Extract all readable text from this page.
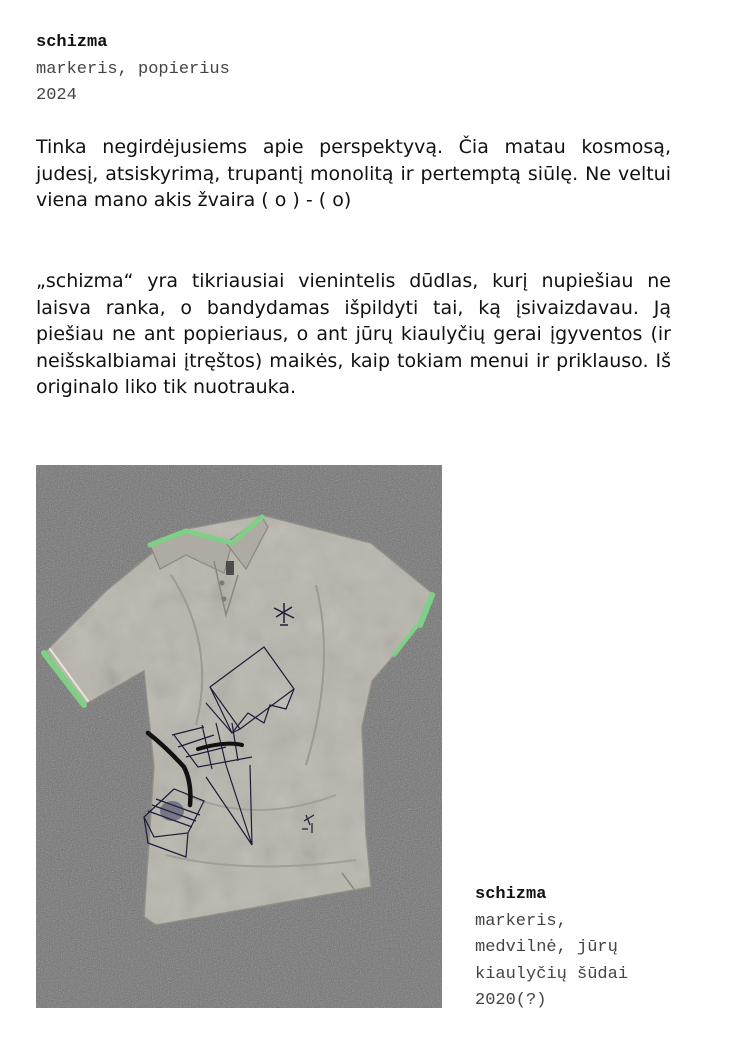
schizma
markeris, popierius
2024

Tinka negirdėjusiems apie perspektyvą. Čia matau kosmosą, judesį, atsiskyrimą, trupantį monolitą ir pertemptą siūlę. Ne veltui viena mano akis žvaira ( o ) - ( o)

„schizma“ yra tikriausiai vienintelis dūdlas, kurį nupiešiau ne laisva ranka, o bandydamas išpildyti tai, ką įsivaizdavau. Ją piešiau ne ant popieriaus, o ant jūrų kiaulyčių gerai įgyventos (ir neišskalbiamai įtręštos) maikės, kaip tokiam menui ir priklauso. Iš originalo liko tik nuotrauka.

schizma
markeris,
medvilnė, jūrų
kiaulyčių šūdai
2020(?)
